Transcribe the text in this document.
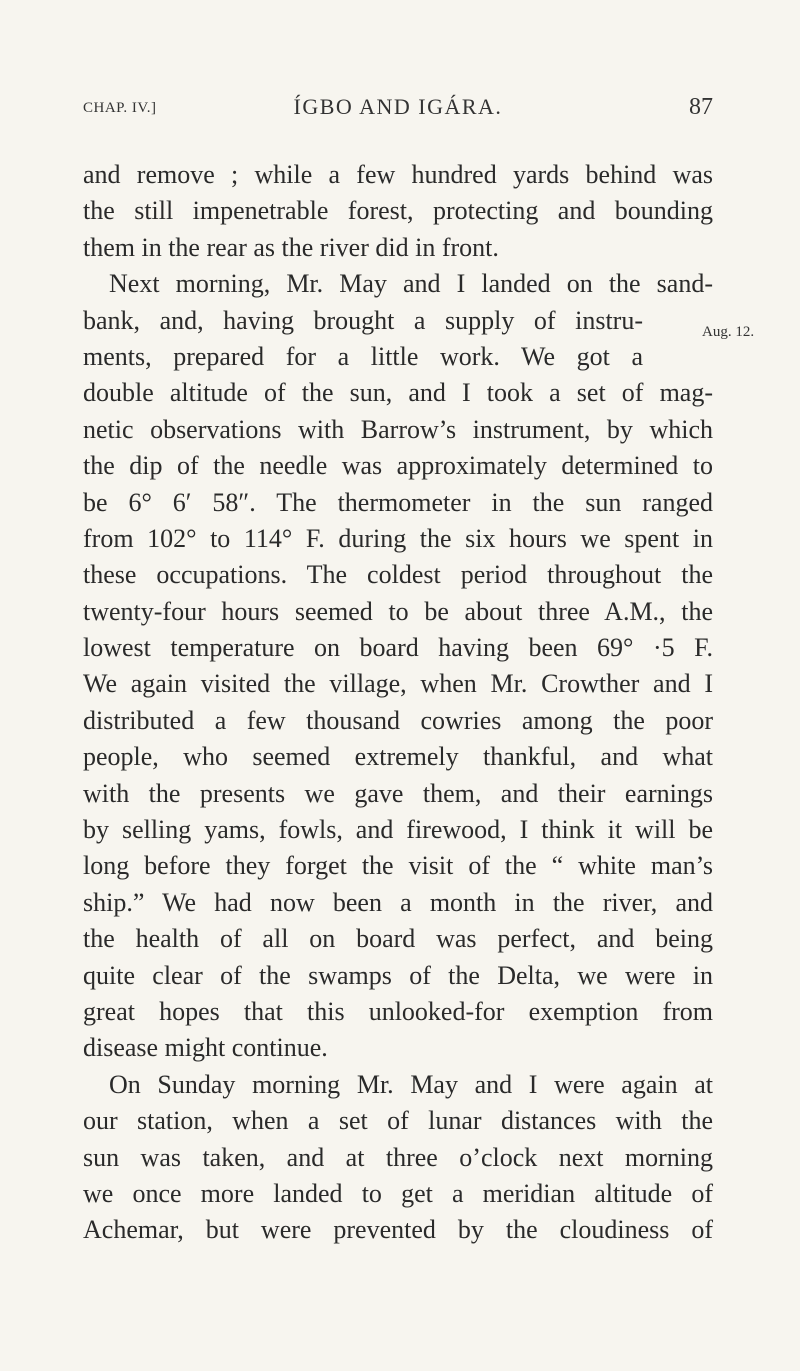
CHAP. IV.]	ÍGBO AND IGÁRA.	87
Aug. 12.
and remove ; while a few hundred yards behind was
the still impenetrable forest, protecting and bounding
them in the rear as the river did in front.
Next morning, Mr. May and I landed on the sand-
bank, and, having brought a supply of instru-
ments, prepared for a little work. We got a
double altitude of the sun, and I took a set of mag-
netic observations with Barrow’s instrument, by which
the dip of the needle was approximately determined to
be 6° 6′ 58″. The thermometer in the sun ranged
from 102° to 114° F. during the six hours we spent in
these occupations. The coldest period throughout the
twenty-four hours seemed to be about three A.M., the
lowest temperature on board having been 69° ·5 F.
We again visited the village, when Mr. Crowther and I
distributed a few thousand cowries among the poor
people, who seemed extremely thankful, and what
with the presents we gave them, and their earnings
by selling yams, fowls, and firewood, I think it will be
long before they forget the visit of the “ white man’s
ship.” We had now been a month in the river, and
the health of all on board was perfect, and being
quite clear of the swamps of the Delta, we were in
great hopes that this unlooked-for exemption from
disease might continue.
On Sunday morning Mr. May and I were again at
our station, when a set of lunar distances with the
sun was taken, and at three o’clock next morning
we once more landed to get a meridian altitude of
Achemar, but were prevented by the cloudiness of
